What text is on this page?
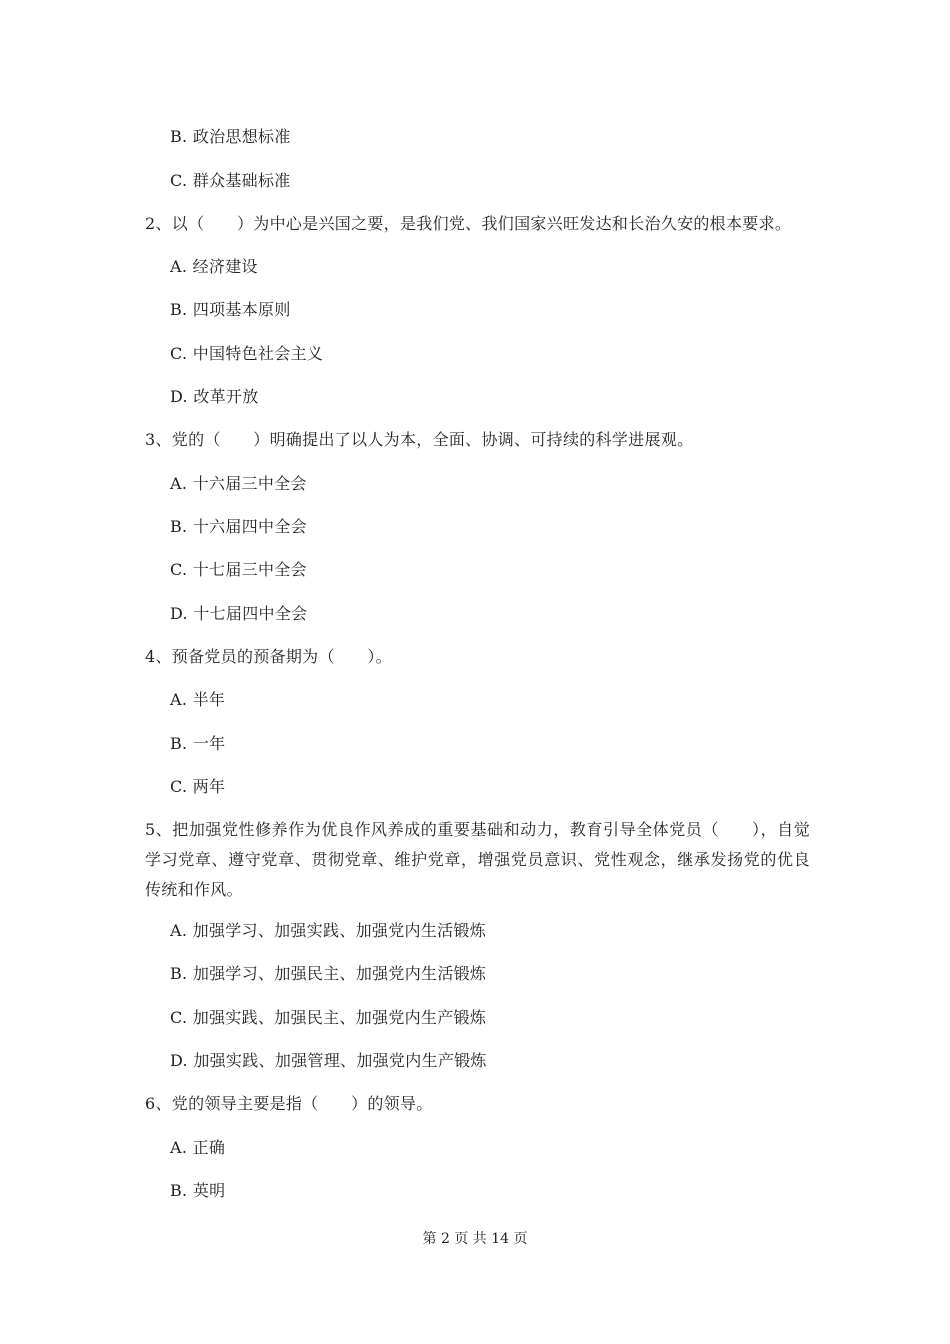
B. 政治思想标准
C. 群众基础标准
2、以（　　）为中心是兴国之要，是我们党、我们国家兴旺发达和长治久安的根本要求。
A. 经济建设
B. 四项基本原则
C. 中国特色社会主义
D. 改革开放
3、党的（　　）明确提出了以人为本，全面、协调、可持续的科学进展观。
A. 十六届三中全会
B. 十六届四中全会
C. 十七届三中全会
D. 十七届四中全会
4、预备党员的预备期为（　　）。
A. 半年
B. 一年
C. 两年
5、把加强党性修养作为优良作风养成的重要基础和动力，教育引导全体党员（　　），自觉学习党章、遵守党章、贯彻党章、维护党章，增强党员意识、党性观念，继承发扬党的优良传统和作风。
A. 加强学习、加强实践、加强党内生活锻炼
B. 加强学习、加强民主、加强党内生活锻炼
C. 加强实践、加强民主、加强党内生产锻炼
D. 加强实践、加强管理、加强党内生产锻炼
6、党的领导主要是指（　　）的领导。
A. 正确
B. 英明
第 2 页 共 14 页
